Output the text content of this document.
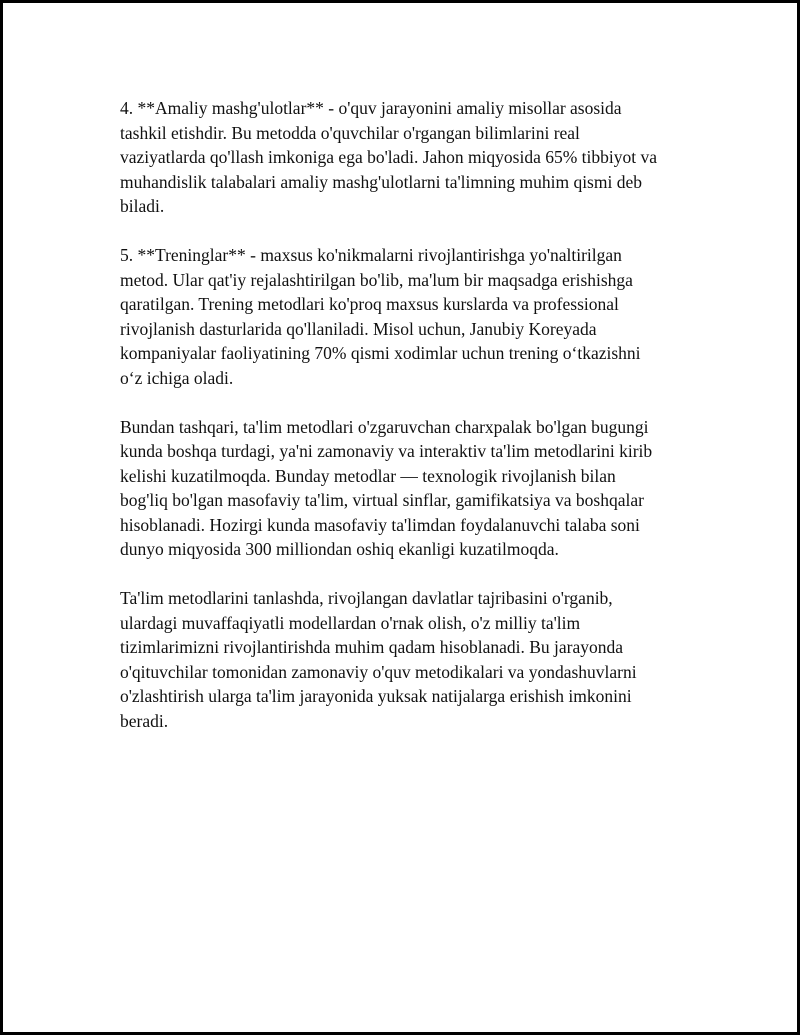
4. **Amaliy mashg'ulotlar** - o'quv jarayonini amaliy misollar asosida
tashkil etishdir. Bu metodda o'quvchilar o'rgangan bilimlarini real
vaziyatlarda qo'llash imkoniga ega bo'ladi. Jahon miqyosida 65% tibbiyot va
muhandislik talabalari amaliy mashg'ulotlarni ta'limning muhim qismi deb
biladi.

5. **Treninglar** - maxsus ko'nikmalarni rivojlantirishga yo'naltirilgan
metod. Ular qat'iy rejalashtirilgan bo'lib, ma'lum bir maqsadga erishishga
qaratilgan. Trening metodlari ko'proq maxsus kurslarda va professional
rivojlanish dasturlarida qo'llaniladi. Misol uchun, Janubiy Koreyada
kompaniyalar faoliyatining 70% qismi xodimlar uchun trening o‘tkazishni
o‘z ichiga oladi.

Bundan tashqari, ta'lim metodlari o'zgaruvchan charxpalak bo'lgan bugungi
kunda boshqa turdagi, ya'ni zamonaviy va interaktiv ta'lim metodlarini kirib
kelishi kuzatilmoqda. Bunday metodlar — texnologik rivojlanish bilan
bog'liq bo'lgan masofaviy ta'lim, virtual sinflar, gamifikatsiya va boshqalar
hisoblanadi. Hozirgi kunda masofaviy ta'limdan foydalanuvchi talaba soni
dunyo miqyosida 300 milliondan oshiq ekanligi kuzatilmoqda.

Ta'lim metodlarini tanlashda, rivojlangan davlatlar tajribasini o'rganib,
ulardagi muvaffaqiyatli modellardan o'rnak olish, o'z milliy ta'lim
tizimlarimizni rivojlantirishda muhim qadam hisoblanadi. Bu jarayonda
o'qituvchilar tomonidan zamonaviy o'quv metodikalari va yondashuvlarni
o'zlashtirish ularga ta'lim jarayonida yuksak natijalarga erishish imkonini
beradi.
